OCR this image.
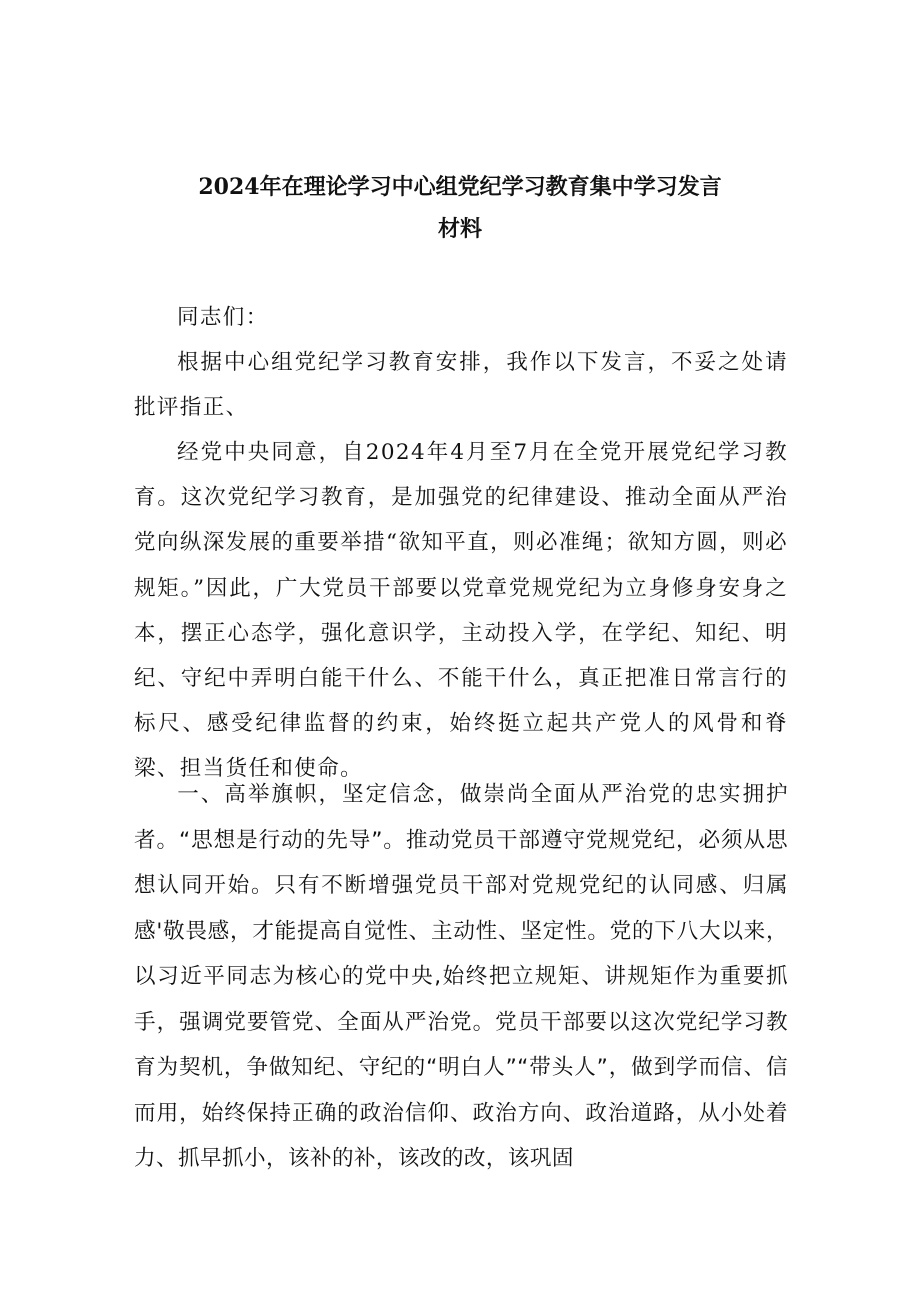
2024年在理论学习中心组党纪学习教育集中学习发言
材料

同志们：

根据中心组党纪学习教育安排，我作以下发言，不妥之处请批评指正、

经党中央同意，自2024年4月至7月在全党开展党纪学习教育。这次党纪学习教育，是加强党的纪律建设、推动全面从严治党向纵深发展的重要举措“欲知平直，则必准绳；欲知方圆，则必规矩。”因此，广大党员干部要以党章党规党纪为立身修身安身之本，摆正心态学，强化意识学，主动投入学，在学纪、知纪、明纪、守纪中弄明白能干什么、不能干什么，真正把准日常言行的标尺、感受纪律监督的约束，始终挺立起共产党人的风骨和脊梁、担当货任和使命。

一、高举旗帜，坚定信念，做崇尚全面从严治党的忠实拥护者。“思想是行动的先导”。推动党员干部遵守党规党纪，必须从思想认同开始。只有不断增强党员干部对党规党纪的认同感、归属感'敬畏感，才能提高自觉性、主动性、坚定性。党的下八大以来，以习近平同志为核心的党中央,始终把立规矩、讲规矩作为重要抓手，强调党要管党、全面从严治党。党员干部要以这次党纪学习教育为契机，争做知纪、守纪的“明白人”“带头人”，做到学而信、信而用，始终保持正确的政治信仰、政治方向、政治道路，从小处着力、抓早抓小，该补的补，该改的改，该巩固
